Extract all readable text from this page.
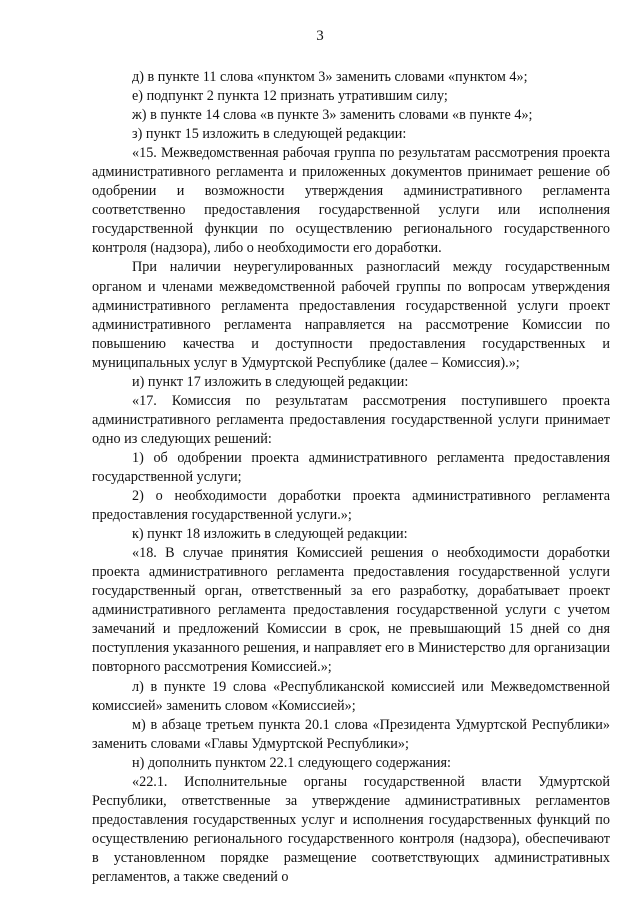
3

д) в пункте 11 слова «пунктом 3» заменить словами «пунктом 4»;

е) подпункт 2 пункта 12 признать утратившим силу;

ж) в пункте 14 слова «в пункте 3» заменить словами «в пункте 4»;

з) пункт 15 изложить в следующей редакции:

«15. Межведомственная рабочая группа по результатам рассмотрения проекта административного регламента и приложенных документов принимает решение об одобрении и возможности утверждения административного регламента соответственно предоставления государственной услуги или исполнения государственной функции по осуществлению регионального государственного контроля (надзора), либо о необходимости его доработки.

При наличии неурегулированных разногласий между государственным органом и членами межведомственной рабочей группы по вопросам утверждения административного регламента предоставления государственной услуги проект административного регламента направляется на рассмотрение Комиссии по повышению качества и доступности предоставления государственных и муниципальных услуг в Удмуртской Республике (далее – Комиссия).»;

и) пункт 17 изложить в следующей редакции:

«17. Комиссия по результатам рассмотрения поступившего проекта административного регламента предоставления государственной услуги принимает одно из следующих решений:

1) об одобрении проекта административного регламента предоставления государственной услуги;

2) о необходимости доработки проекта административного регламента предоставления государственной услуги.»;

к) пункт 18 изложить в следующей редакции:

«18. В случае принятия Комиссией решения о необходимости доработки проекта административного регламента предоставления государственной услуги государственный орган, ответственный за его разработку, дорабатывает проект административного регламента предоставления государственной услуги с учетом замечаний и предложений Комиссии в срок, не превышающий 15 дней со дня поступления указанного решения, и направляет его в Министерство для организации повторного рассмотрения Комиссией.»;

л) в пункте 19 слова «Республиканской комиссией или Межведомственной комиссией» заменить словом «Комиссией»;

м) в абзаце третьем пункта 20.1 слова «Президента Удмуртской Республики» заменить словами «Главы Удмуртской Республики»;

н) дополнить пунктом 22.1 следующего содержания:

«22.1. Исполнительные органы государственной власти Удмуртской Республики, ответственные за утверждение административных регламентов предоставления государственных услуг и исполнения государственных функций по осуществлению регионального государственного контроля (надзора), обеспечивают в установленном порядке размещение соответствующих административных регламентов, а также сведений о
